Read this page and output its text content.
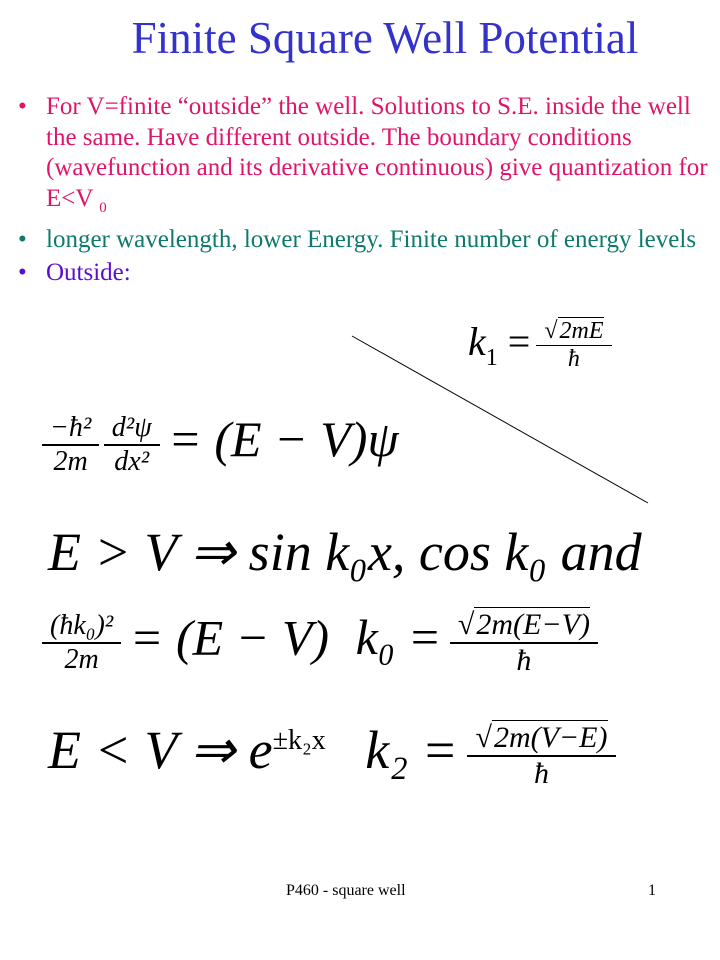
Finite Square Well Potential
• For V=finite “outside” the well. Solutions to S.E. inside the well the same. Have different outside. The boundary conditions (wavefunction and its derivative continuous) give quantization for E<V $_0$
• longer wavelength, lower Energy. Finite number of energy levels
• Outside:
$k_1 = \frac{√2mE}{ħ}$
$\frac{\text{−ħ²}}{2m}$
$\frac{\text{d²ψ}}{\text{dx²}} = (E - V)\psi$
E > V ⇒ sin k₀x, cos k₀ and
$\frac{\text{(ħk₀)²}}{2m} = (E - V) k_0 = \frac{√2m(E-V)}{ħ}$
E < V ⇒ $e^{\pm k_2x}$ $k_2 = \frac{√2m(V-E)}{ħ}$
P460 - square well	1
